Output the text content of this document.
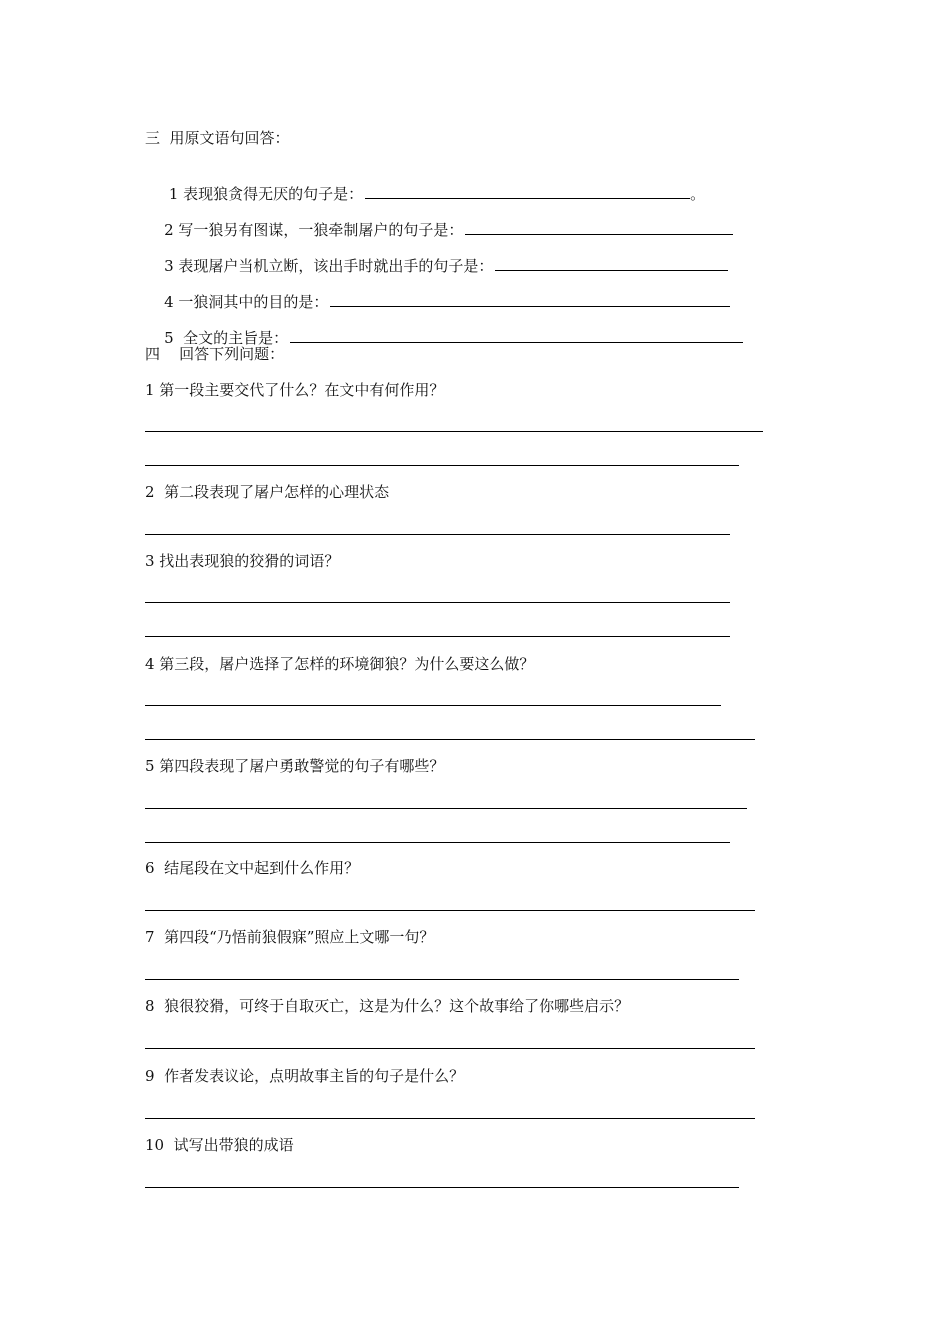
三  用原文语句回答：

1 表现狼贪得无厌的句子是：	。

2 写一狼另有图谋，一狼牵制屠户的句子是：

3 表现屠户当机立断，该出手时就出手的句子是：

4 一狼洞其中的目的是：

5  全文的主旨是：

四    回答下列问题：
1 第一段主要交代了什么？在文中有何作用？
2  第二段表现了屠户怎样的心理状态
3 找出表现狼的狡猾的词语？
4 第三段，屠户选择了怎样的环境御狼？为什么要这么做？
5 第四段表现了屠户勇敢警觉的句子有哪些？
6  结尾段在文中起到什么作用？
7  第四段“乃悟前狼假寐”照应上文哪一句？
8  狼很狡猾，可终于自取灭亡，这是为什么？这个故事给了你哪些启示？
9  作者发表议论，点明故事主旨的句子是什么？
10  试写出带狼的成语
